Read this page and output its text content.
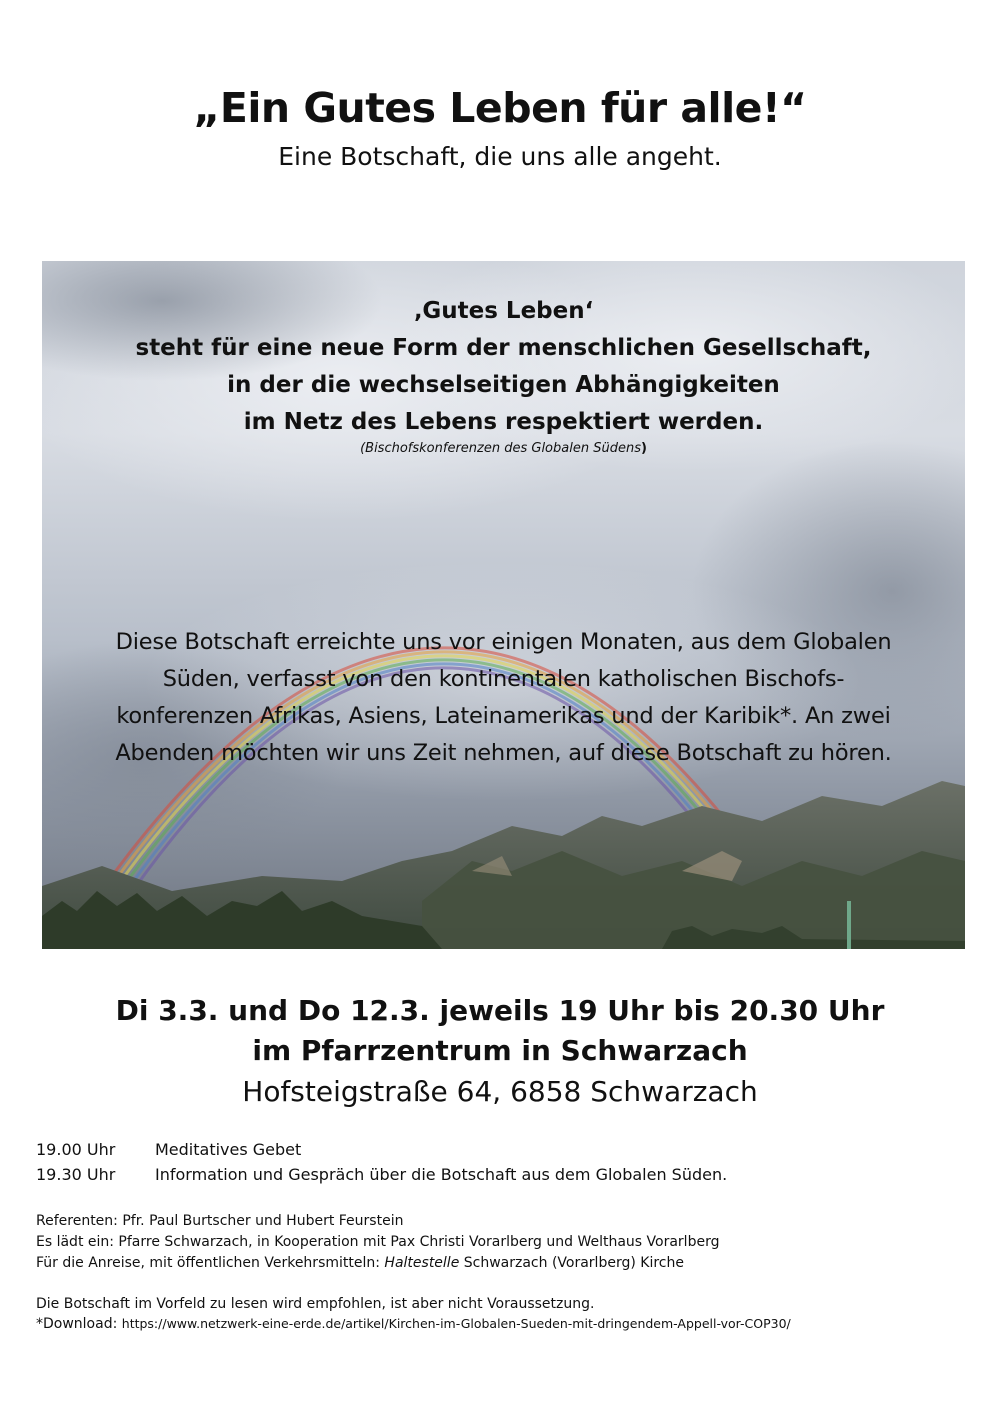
„Ein Gutes Leben für alle!“
Eine Botschaft, die uns alle angeht.
‚Gutes Leben‘
steht für eine neue Form der menschlichen Gesellschaft,
in der die wechselseitigen Abhängigkeiten
im Netz des Lebens respektiert werden.
(Bischofskonferenzen des Globalen Südens)
Diese Botschaft erreichte uns vor einigen Monaten, aus dem Globalen
Süden, verfasst von den kontinentalen katholischen Bischofs-
konferenzen Afrikas, Asiens, Lateinamerikas und der Karibik*. An zwei
Abenden möchten wir uns Zeit nehmen, auf diese Botschaft zu hören.
Di 3.3. und Do 12.3. jeweils 19 Uhr bis 20.30 Uhr
im Pfarrzentrum in Schwarzach
Hofsteigstraße 64, 6858 Schwarzach
19.00 Uhr Meditatives Gebet
19.30 Uhr Information und Gespräch über die Botschaft aus dem Globalen Süden.
Referenten: Pfr. Paul Burtscher und Hubert Feurstein
Es lädt ein: Pfarre Schwarzach, in Kooperation mit Pax Christi Vorarlberg und Welthaus Vorarlberg
Für die Anreise, mit öffentlichen Verkehrsmitteln: Haltestelle Schwarzach (Vorarlberg) Kirche
Die Botschaft im Vorfeld zu lesen wird empfohlen, ist aber nicht Voraussetzung.
*Download: https://www.netzwerk-eine-erde.de/artikel/Kirchen-im-Globalen-Sueden-mit-dringendem-Appell-vor-COP30/
